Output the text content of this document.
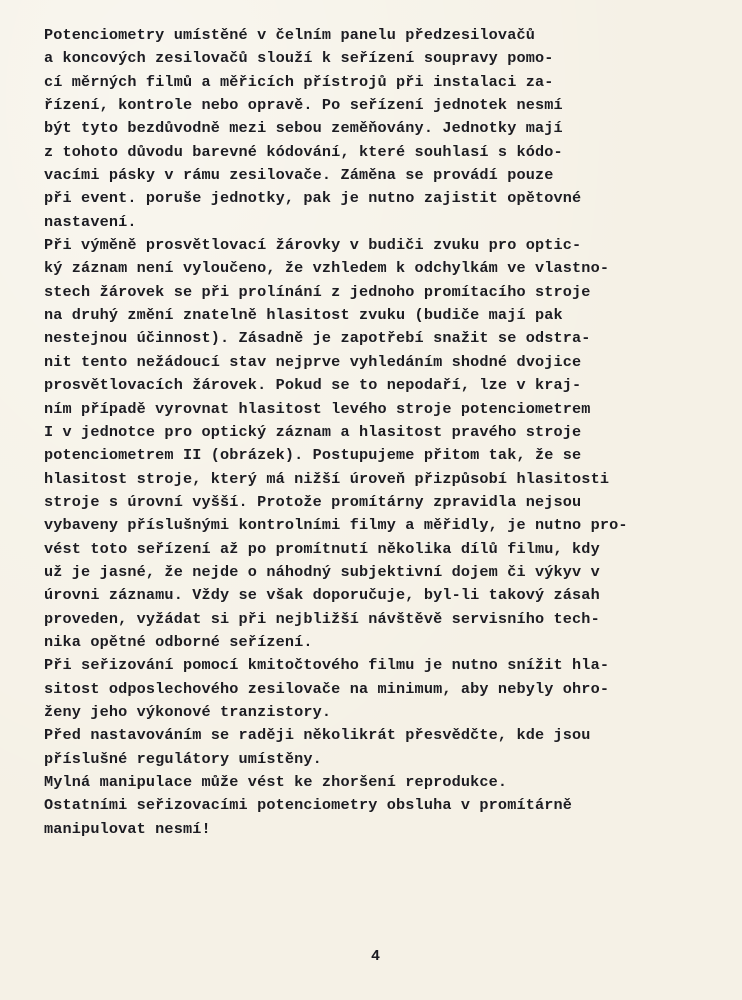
Potenciometry umístěné v čelním panelu předzesilovačů
a koncových zesilovačů slouží k seřízení soupravy pomo-
cí měrných filmů a měřicích přístrojů při instalaci za-
řízení, kontrole nebo opravě. Po seřízení jednotek nesmí
být tyto bezdůvodně mezi sebou zeměňovány. Jednotky mají
z tohoto důvodu barevné kódování, které souhlasí s kódo-
vacími pásky v rámu zesilovače. Záměna se provádí pouze
při event. poruše jednotky, pak je nutno zajistit opětovné
nastavení.
Při výměně prosvětlovací žárovky v budiči zvuku pro optic-
ký záznam není vyloučeno, že vzhledem k odchylkám ve vlastno-
stech žárovek se při prolínání z jednoho promítacího stroje
na druhý změní znatelně hlasitost zvuku (budiče mají pak
nestejnou účinnost). Zásadně je zapotřebí snažit se odstra-
nit tento nežádoucí stav nejprve vyhledáním shodné dvojice
prosvětlovacích žárovek. Pokud se to nepodaří, lze v kraj-
ním případě vyrovnat hlasitost levého stroje potenciometrem
I v jednotce pro optický záznam a hlasitost pravého stroje
potenciometrem II (obrázek). Postupujeme přitom tak, že se
hlasitost stroje, který má nižší úroveň přizpůsobí hlasitosti
stroje s úrovní vyšší. Protože promítárny zpravidla nejsou
vybaveny příslušnými kontrolními filmy a měřidly, je nutno pro-
vést toto seřízení až po promítnutí několika dílů filmu, kdy
už je jasné, že nejde o náhodný subjektivní dojem či výkyv v
úrovni záznamu. Vždy se však doporučuje, byl-li takový zásah
proveden, vyžádat si při nejbližší návštěvě servisního tech-
nika opětné odborné seřízení.
Při seřizování pomocí kmitočtového filmu je nutno snížit hla-
sitost odposlechového zesilovače na minimum, aby nebyly ohro-
ženy jeho výkonové tranzistory.
Před nastavováním se raději několikrát přesvědčte, kde jsou
příslušné regulátory umístěny.
Mylná manipulace může vést ke zhoršení reprodukce.
Ostatními seřizovacími potenciometry obsluha v promítárně
manipulovat nesmí!
4
